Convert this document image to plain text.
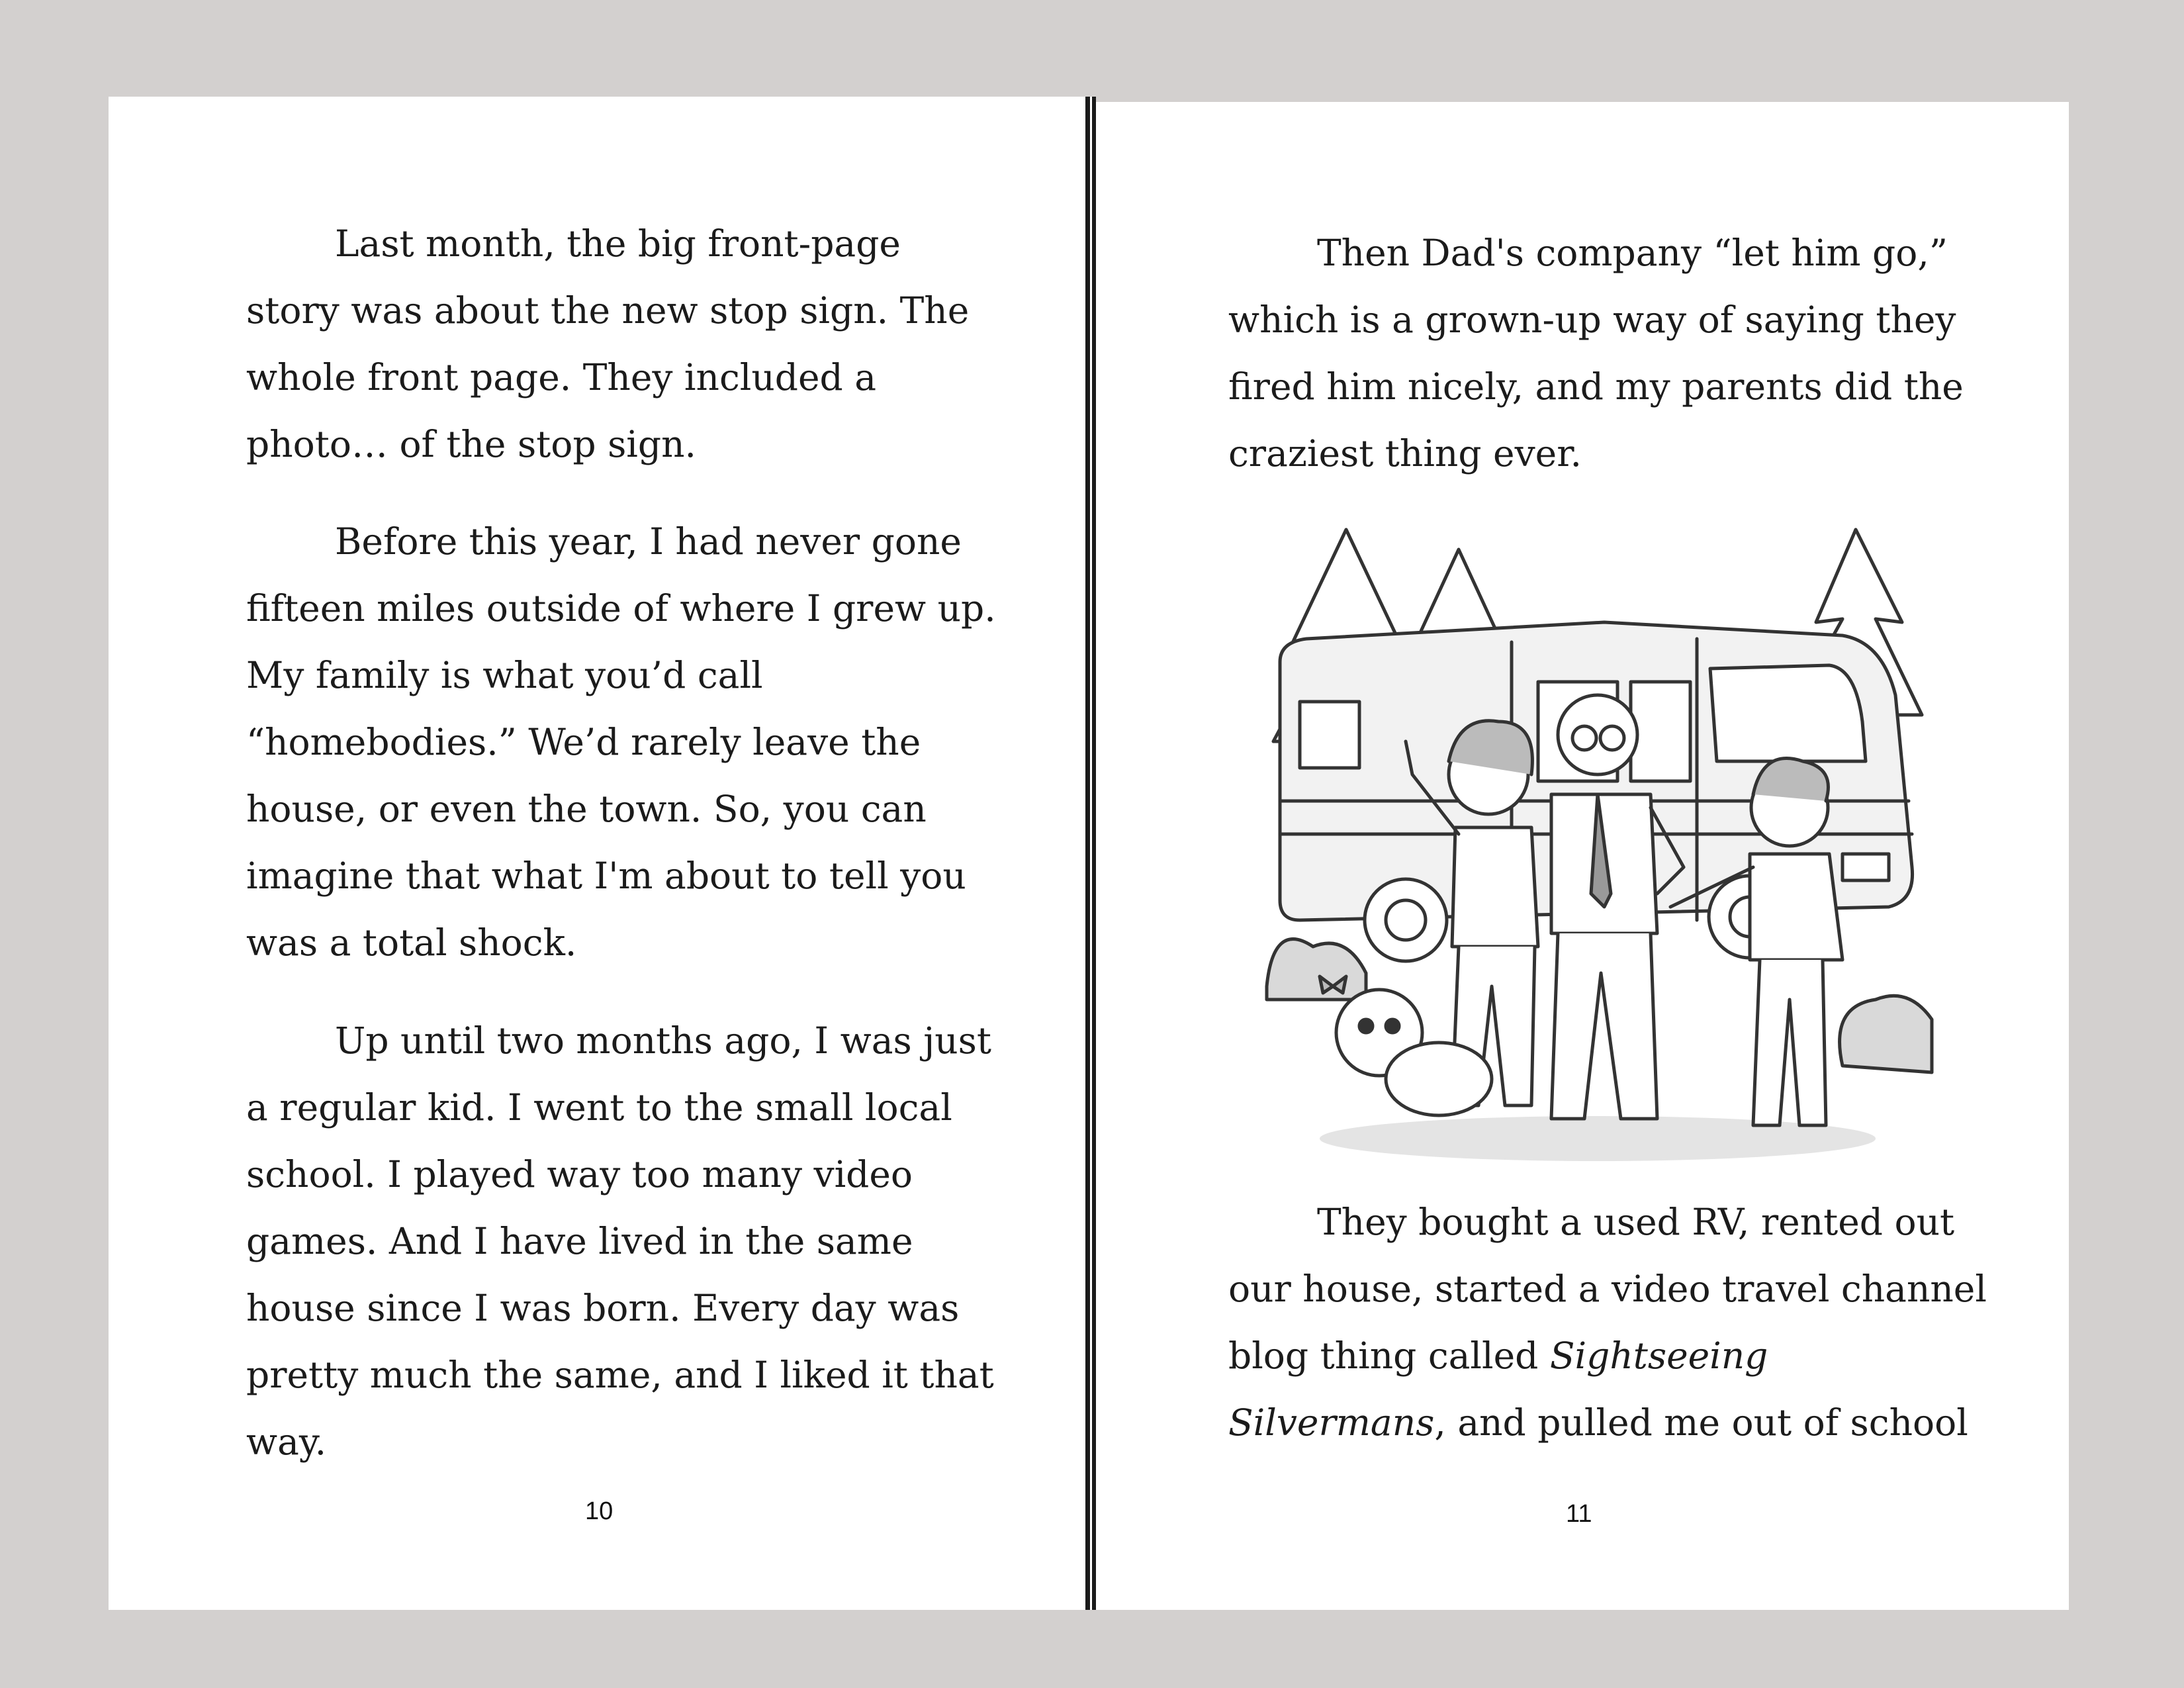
Last month, the big front-page
story was about the new stop sign. The
whole front page. They included a
photo… of the stop sign.

Before this year, I had never gone
fifteen miles outside of where I grew up.
My family is what you’d call
“homebodies.” We’d rarely leave the
house, or even the town. So, you can
imagine that what I'm about to tell you
was a total shock.

Up until two months ago, I was just
a regular kid. I went to the small local
school. I played way too many video
games. And I have lived in the same
house since I was born. Every day was
pretty much the same, and I liked it that
way.

10

Then Dad's company “let him go,”
which is a grown-up way of saying they
fired him nicely, and my parents did the
craziest thing ever.

They bought a used RV, rented out
our house, started a video travel channel
blog thing called Sightseeing
Silvermans, and pulled me out of school

11
